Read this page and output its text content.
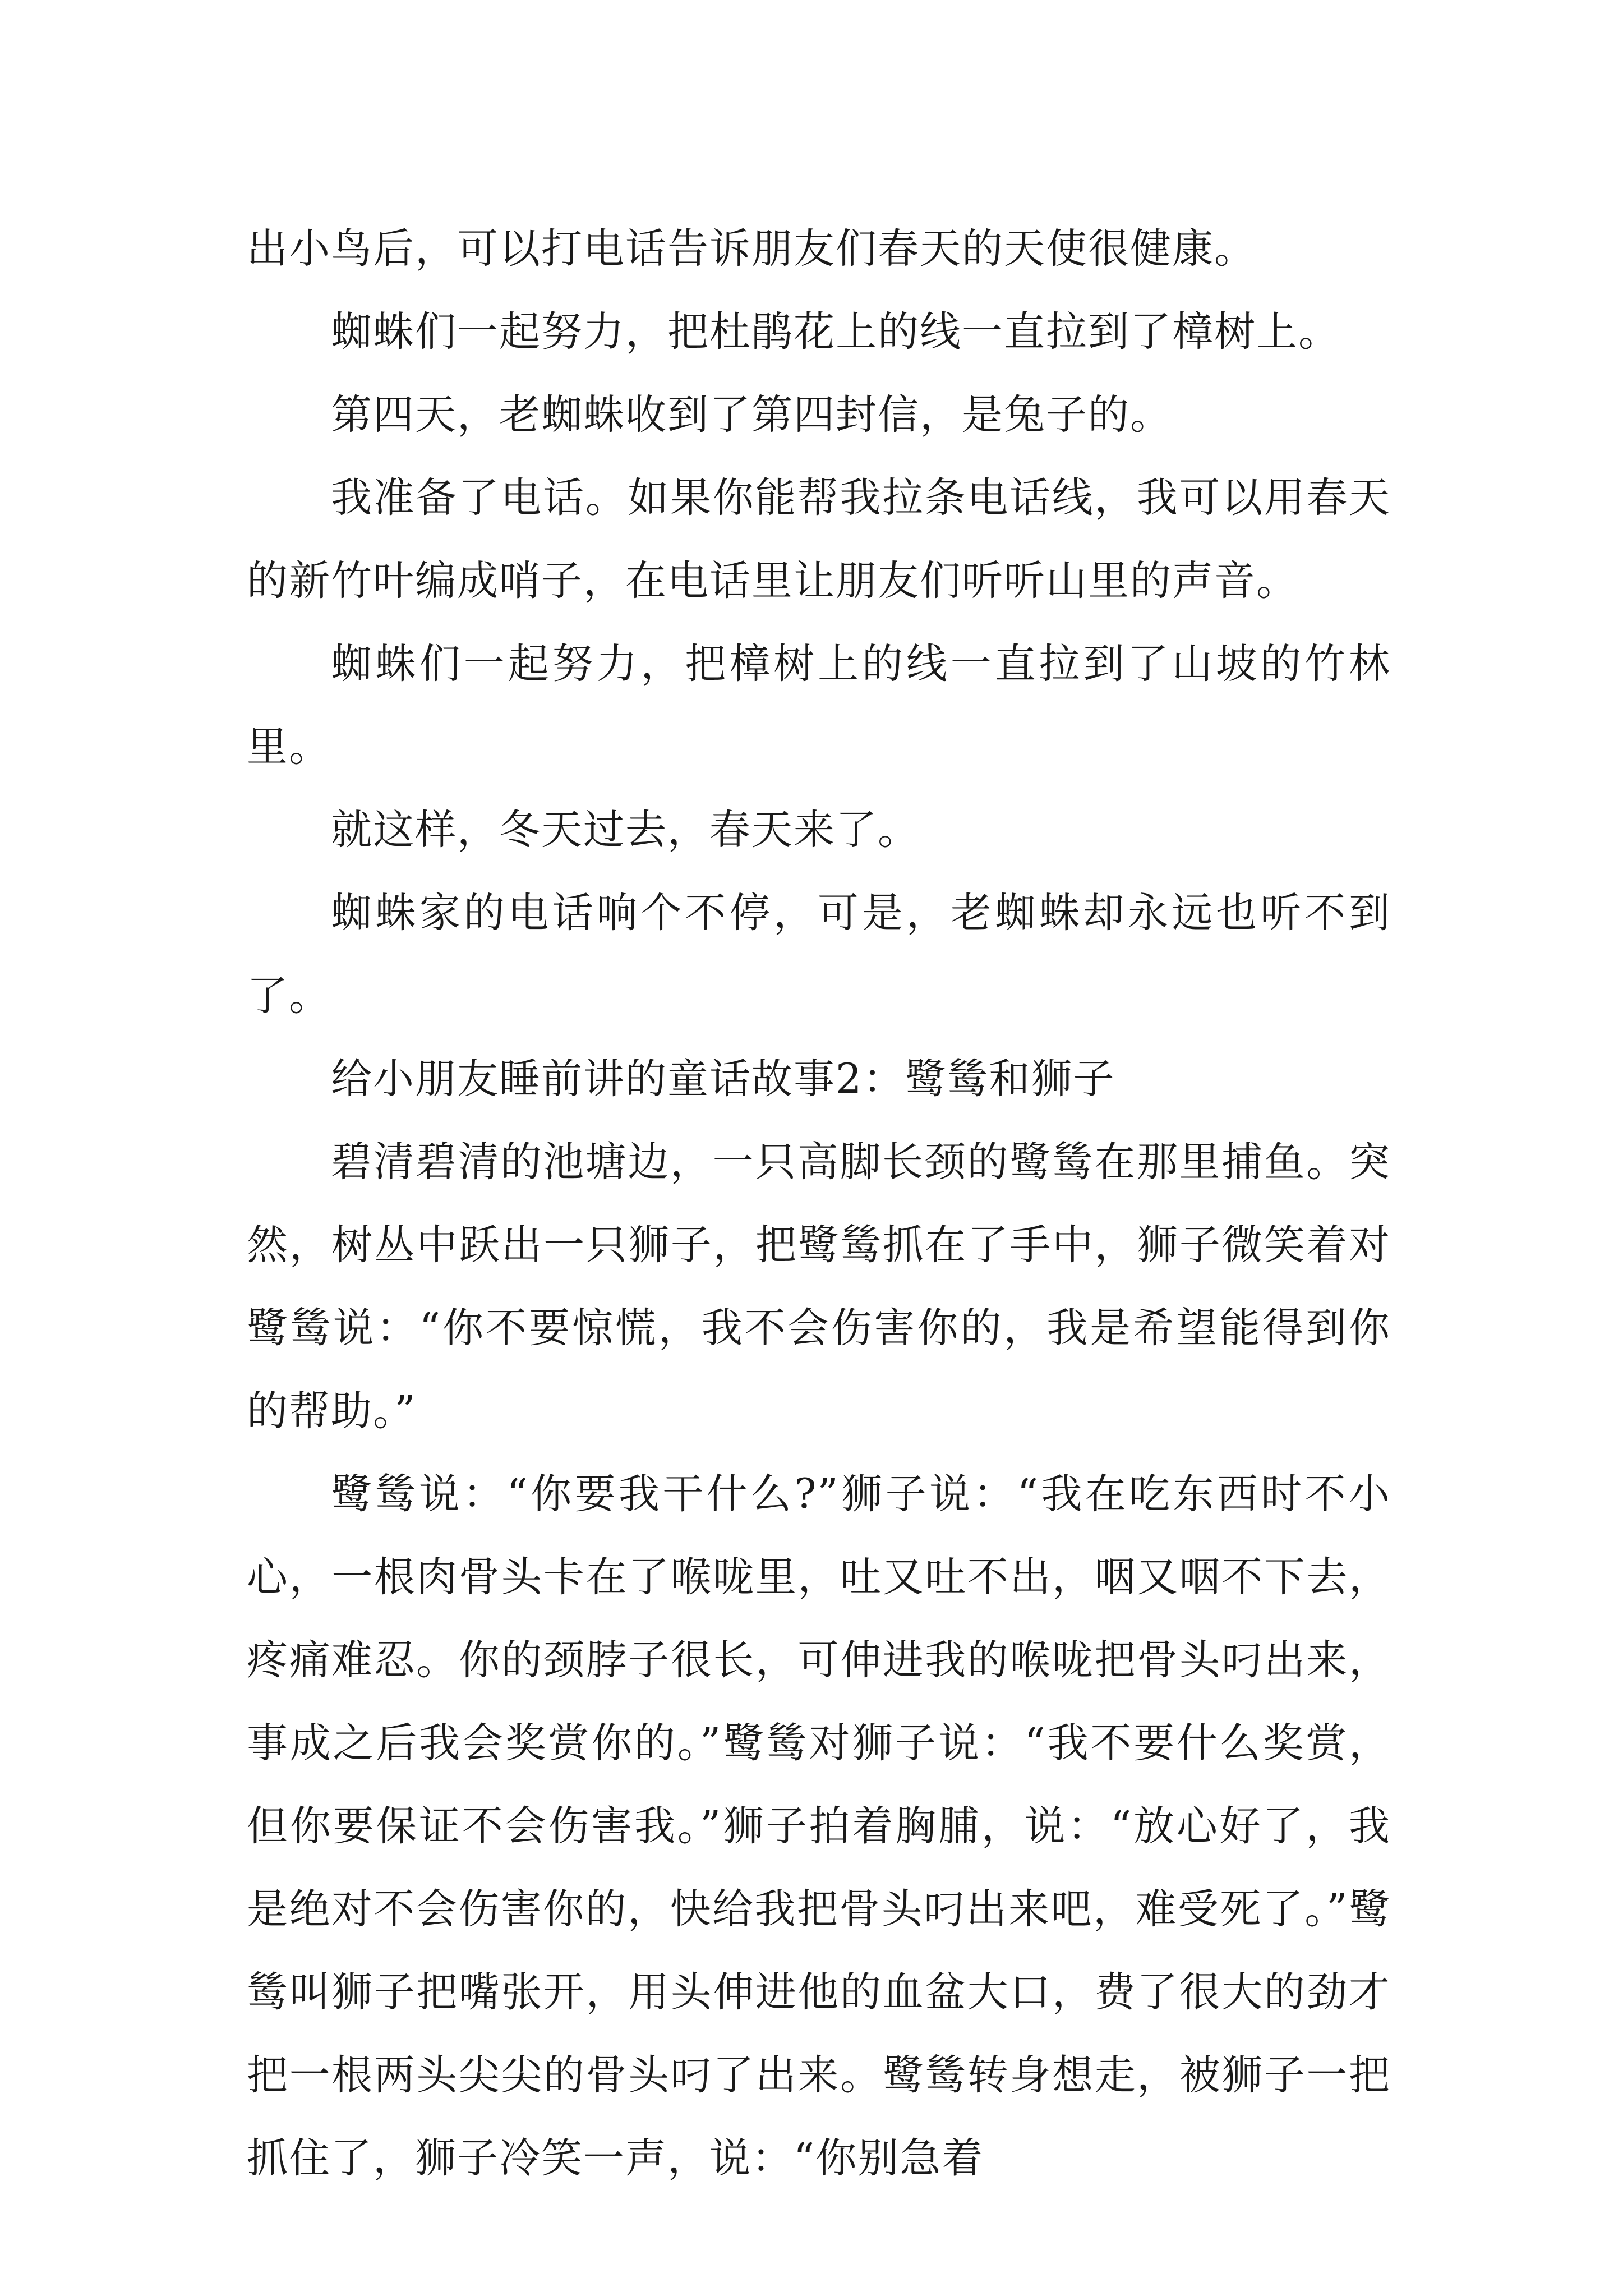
出小鸟后，可以打电话告诉朋友们春天的天使很健康。

蜘蛛们一起努力，把杜鹃花上的线一直拉到了樟树上。

第四天，老蜘蛛收到了第四封信，是兔子的。

我准备了电话。如果你能帮我拉条电话线，我可以用春天的新竹叶编成哨子，在电话里让朋友们听听山里的声音。

蜘蛛们一起努力，把樟树上的线一直拉到了山坡的竹林里。

就这样，冬天过去，春天来了。

蜘蛛家的电话响个不停，可是，老蜘蛛却永远也听不到了。

给小朋友睡前讲的童话故事2：鹭鸶和狮子

碧清碧清的池塘边，一只高脚长颈的鹭鸶在那里捕鱼。突然，树丛中跃出一只狮子，把鹭鸶抓在了手中，狮子微笑着对鹭鸶说：“你不要惊慌，我不会伤害你的，我是希望能得到你的帮助。”

鹭鸶说：“你要我干什么?”狮子说：“我在吃东西时不小心，一根肉骨头卡在了喉咙里，吐又吐不出，咽又咽不下去，疼痛难忍。你的颈脖子很长，可伸进我的喉咙把骨头叼出来，事成之后我会奖赏你的。”鹭鸶对狮子说：“我不要什么奖赏，但你要保证不会伤害我。”狮子拍着胸脯，说：“放心好了，我是绝对不会伤害你的，快给我把骨头叼出来吧，难受死了。”鹭鸶叫狮子把嘴张开，用头伸进他的血盆大口，费了很大的劲才把一根两头尖尖的骨头叼了出来。鹭鸶转身想走，被狮子一把抓住了，狮子冷笑一声，说：“你别急着
